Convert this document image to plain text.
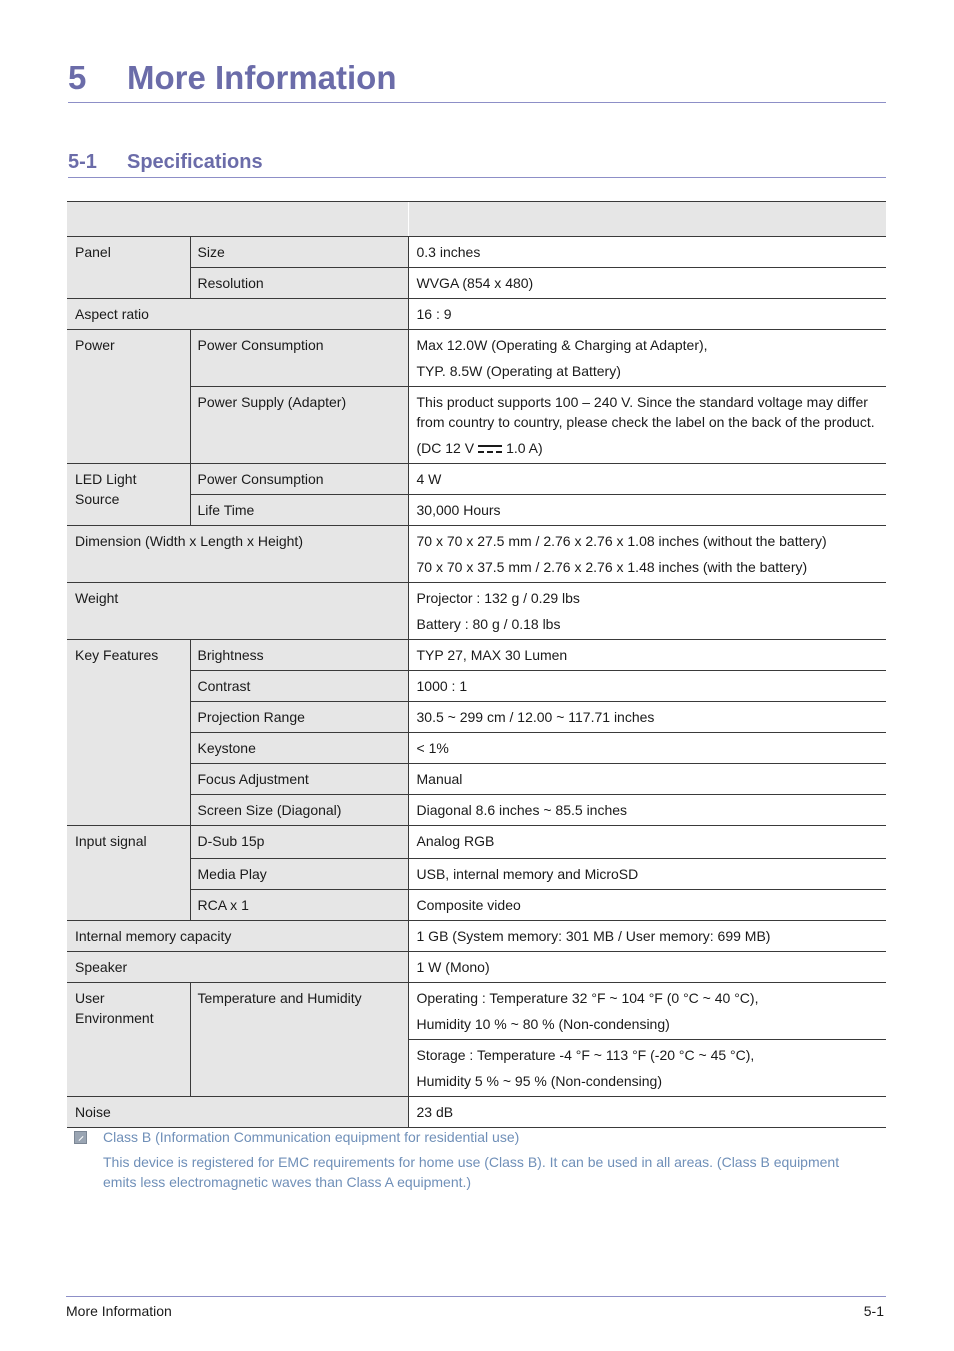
5 More Information
5-1 Specifications

Panel	Size	0.3 inches

	Resolution	WVGA (854 x 480)

Aspect ratio		16 : 9

Power	Power Consumption	Max 12.0W (Operating & Charging at Adapter),

TYP. 8.5W (Operating at Battery)

	Power Supply (Adapter)	This product supports 100 – 240 V. Since the standard voltage may differ from country to country, please check the label on the back of the product.

(DC 12 V 1.0 A)

LED Light Source	Power Consumption	4 W

	Life Time	30,000 Hours

Dimension (Width x Length x Height)		70 x 70 x 27.5 mm / 2.76 x 2.76 x 1.08 inches (without the battery)

70 x 70 x 37.5 mm / 2.76 x 2.76 x 1.48 inches (with the battery)

Weight		Projector : 132 g / 0.29 lbs

Battery : 80 g / 0.18 lbs

Key Features	Brightness	TYP 27, MAX 30 Lumen

	Contrast	1000 : 1

	Projection Range	30.5 ~ 299 cm / 12.00 ~ 117.71 inches

	Keystone	< 1%

	Focus Adjustment	Manual

	Screen Size (Diagonal)	Diagonal 8.6 inches ~ 85.5 inches

Input signal	D-Sub 15p	Analog RGB

	Media Play	USB, internal memory and MicroSD

	RCA x 1	Composite video

Internal memory capacity		1 GB (System memory: 301 MB / User memory: 699 MB)

Speaker		1 W (Mono)

User Environment	Temperature and Humidity	Operating : Temperature 32 °F ~ 104 °F (0 °C ~ 40 °C),

Humidity 10 % ~ 80 % (Non-condensing)

		Storage : Temperature -4 °F ~ 113 °F (-20 °C ~ 45 °C),

Humidity 5 % ~ 95 % (Non-condensing)

Noise		23 dB

Class B (Information Communication equipment for residential use)
This device is registered for EMC requirements for home use (Class B). It can be used in all areas. (Class B equipment emits less electromagnetic waves than Class A equipment.)
More Information	5-1
